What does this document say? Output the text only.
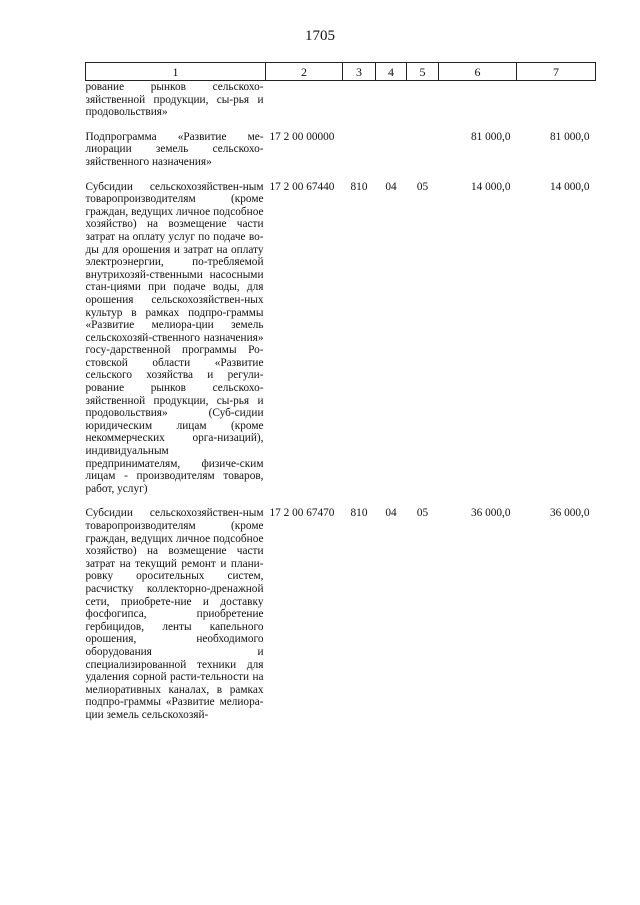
1705
1	2	3	4	5	6	7
рование рынков сельскохо-зяйственной продукции, сы-рья и продовольствия»						
Подпрограмма «Развитие ме-лиорации земель сельскохо-зяйственного назначения»	17 2 00 00000				81 000,0	81 000,0
Субсидии сельскохозяйствен-ным товаропроизводителям (кроме граждан, ведущих личное подсобное хозяйство) на возмещение части затрат на оплату услуг по подаче во-ды для орошения и затрат на оплату электроэнергии, по-требляемой внутрихозяй-ственными насосными стан-циями при подаче воды, для орошения сельскохозяйствен-ных культур в рамках подпро-граммы «Развитие мелиора-ции земель сельскохозяй-ственного назначения» госу-дарственной программы Ро-стовской области «Развитие сельского хозяйства и регули-рование рынков сельскохо-зяйственной продукции, сы-рья и продовольствия» (Суб-сидии юридическим лицам (кроме некоммерческих орга-низаций), индивидуальным предпринимателям, физиче-ским лицам - производителям товаров, работ, услуг)	17 2 00 67440	810	04	05	14 000,0	14 000,0
Субсидии сельскохозяйствен-ным товаропроизводителям (кроме граждан, ведущих личное подсобное хозяйство) на возмещение части затрат на текущий ремонт и плани-ровку оросительных систем, расчистку коллекторно-дренажной сети, приобрете-ние и доставку фосфогипса, приобретение гербицидов, ленты капельного орошения, необходимого оборудования и специализированной техники для удаления сорной расти-тельности на мелиоративных каналах, в рамках подпро-граммы «Развитие мелиора-ции земель сельскохозяй-	17 2 00 67470	810	04	05	36 000,0	36 000,0
